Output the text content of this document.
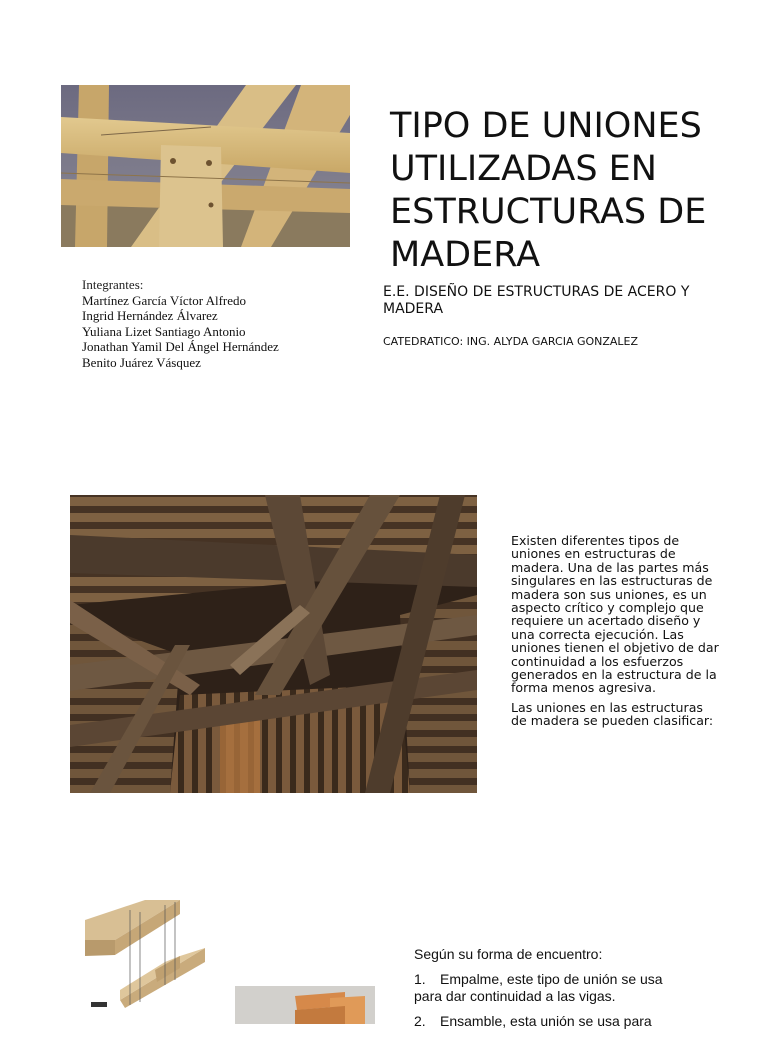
TIPO DE UNIONES UTILIZADAS EN ESTRUCTURAS DE MADERA
E.E. DISEÑO DE ESTRUCTURAS DE ACERO Y MADERA
CATEDRATICO: ING. ALYDA GARCIA GONZALEZ
Integrantes:
Martínez García Víctor Alfredo
Ingrid Hernández Álvarez
Yuliana Lizet Santiago Antonio
Jonathan Yamil Del Ángel Hernández
Benito Juárez Vásquez

Existen diferentes tipos de uniones en estructuras de madera. Una de las partes más singulares en las estructuras de madera son sus uniones, es un aspecto crítico y complejo que requiere un acertado diseño y una correcta ejecución. Las uniones tienen el objetivo de dar continuidad a los esfuerzos generados en la estructura de la forma menos agresiva.

Las uniones en las estructuras de madera se pueden clasificar:

Según su forma de encuentro:

1. Empalme, este tipo de unión se usa para dar continuidad a las vigas.

2. Ensamble, esta unión se usa para
